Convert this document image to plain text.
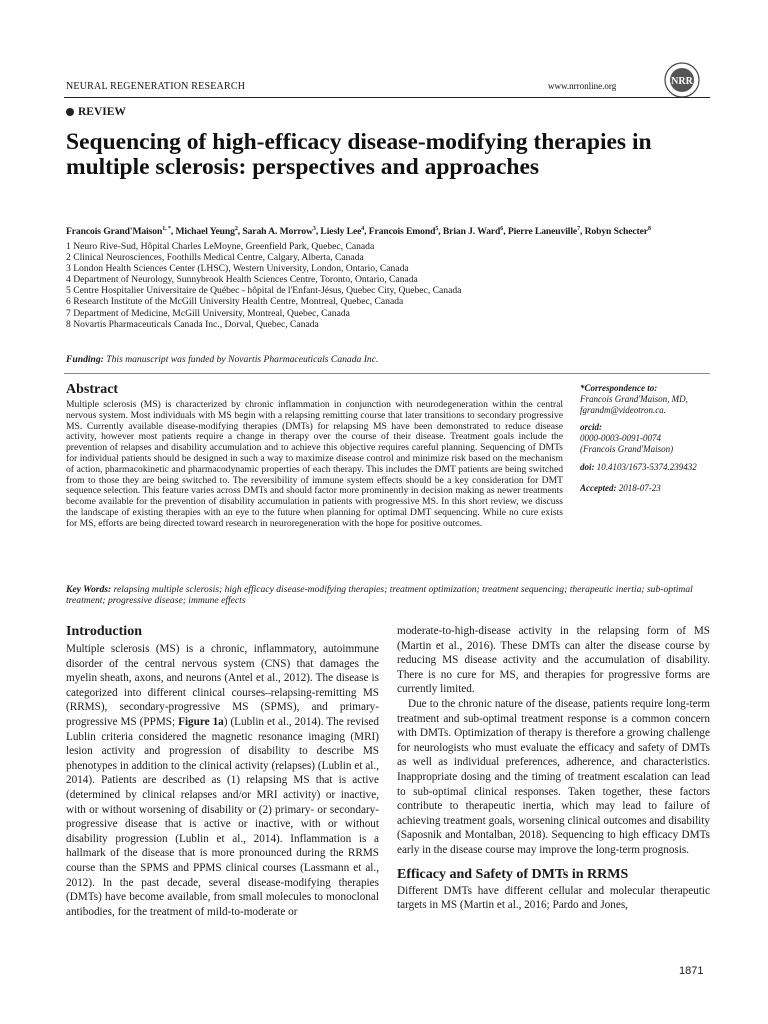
NEURAL REGENERATION RESEARCH	www.nrronline.org	NRR
REVIEW
Sequencing of high-efficacy disease-modifying therapies in multiple sclerosis: perspectives and approaches
Francois Grand'Maison$^{1, *}$, Michael Yeung$^2$, Sarah A. Morrow$^3$, Liesly Lee$^4$, Francois Emond$^5$, Brian J. Ward$^6$, Pierre Laneuville$^7$, Robyn Schecter$^8$
1 Neuro Rive-Sud, Hôpital Charles LeMoyne, Greenfield Park, Quebec, Canada
2 Clinical Neurosciences, Foothills Medical Centre, Calgary, Alberta, Canada
3 London Health Sciences Center (LHSC), Western University, London, Ontario, Canada
4 Department of Neurology, Sunnybrook Health Sciences Centre, Toronto, Ontario, Canada
5 Centre Hospitalier Universitaire de Québec - hôpital de l'Enfant-Jésus, Quebec City, Quebec, Canada
6 Research Institute of the McGill University Health Centre, Montreal, Quebec, Canada
7 Department of Medicine, McGill University, Montreal, Quebec, Canada
8 Novartis Pharmaceuticals Canada Inc., Dorval, Quebec, Canada
Funding: This manuscript was funded by Novartis Pharmaceuticals Canada Inc.
Abstract

Multiple sclerosis (MS) is characterized by chronic inflammation in conjunction with neurodegeneration within the central nervous system. Most individuals with MS begin with a relapsing remitting course that later transitions to secondary progressive MS. Currently available disease-modifying therapies (DMTs) for relapsing MS have been demonstrated to reduce disease activity, however most patients require a change in therapy over the course of their disease. Treatment goals include the prevention of relapses and disability accumulation and to achieve this objective requires careful planning. Sequencing of DMTs for individual patients should be designed in such a way to maximize disease control and minimize risk based on the mechanism of action, pharmacokinetic and pharmacodynamic properties of each therapy. This includes the DMT patients are being switched from to those they are being switched to. The reversibility of immune system effects should be a key consideration for DMT sequence selection. This feature varies across DMTs and should factor more prominently in decision making as newer treatments become available for the prevention of disability accumulation in patients with progressive MS. In this short review, we discuss the landscape of existing therapies with an eye to the future when planning for optimal DMT sequencing. While no cure exists for MS, efforts are being directed toward research in neuroregeneration with the hope for positive outcomes.

*Correspondence to:
Francois Grand'Maison, MD,
fgrandm@videotron.ca.
orcid:
0000-0003-0091-0074
(Francois Grand'Maison)
doi: 10.4103/1673-5374.239432
Accepted: 2018-07-23
Key Words: relapsing multiple sclerosis; high efficacy disease-modifying therapies; treatment optimization; treatment sequencing; therapeutic inertia; sub-optimal treatment; progressive disease; immune effects
Introduction

Multiple sclerosis (MS) is a chronic, inflammatory, autoimmune disorder of the central nervous system (CNS) that damages the myelin sheath, axons, and neurons (Antel et al., 2012). The disease is categorized into different clinical courses–relapsing-remitting MS (RRMS), secondary-progressive MS (SPMS), and primary-progressive MS (PPMS; Figure 1a) (Lublin et al., 2014). The revised Lublin criteria considered the magnetic resonance imaging (MRI) lesion activity and progression of disability to describe MS phenotypes in addition to the clinical activity (relapses) (Lublin et al., 2014). Patients are described as (1) relapsing MS that is active (determined by clinical relapses and/or MRI activity) or inactive, with or without worsening of disability or (2) primary- or secondary-progressive disease that is active or inactive, with or without disability progression (Lublin et al., 2014). Inflammation is a hallmark of the disease that is more pronounced during the RRMS course than the SPMS and PPMS clinical courses (Lassmann et al., 2012). In the past decade, several disease-modifying therapies (DMTs) have become available, from small molecules to monoclonal antibodies, for the treatment of mild-to-moderate or

moderate-to-high-disease activity in the relapsing form of MS (Martin et al., 2016). These DMTs can alter the disease course by reducing MS disease activity and the accumulation of disability. There is no cure for MS, and therapies for progressive forms are currently limited.

Due to the chronic nature of the disease, patients require long-term treatment and sub-optimal treatment response is a common concern with DMTs. Optimization of therapy is therefore a growing challenge for neurologists who must evaluate the efficacy and safety of DMTs as well as individual preferences, adherence, and characteristics. Inappropriate dosing and the timing of treatment escalation can lead to sub-optimal clinical responses. Taken together, these factors contribute to therapeutic inertia, which may lead to failure of achieving treatment goals, worsening clinical outcomes and disability (Saposnik and Montalban, 2018). Sequencing to high efficacy DMTs early in the disease course may improve the long-term prognosis.

Efficacy and Safety of DMTs in RRMS

Different DMTs have different cellular and molecular therapeutic targets in MS (Martin et al., 2016; Pardo and Jones,

1871
